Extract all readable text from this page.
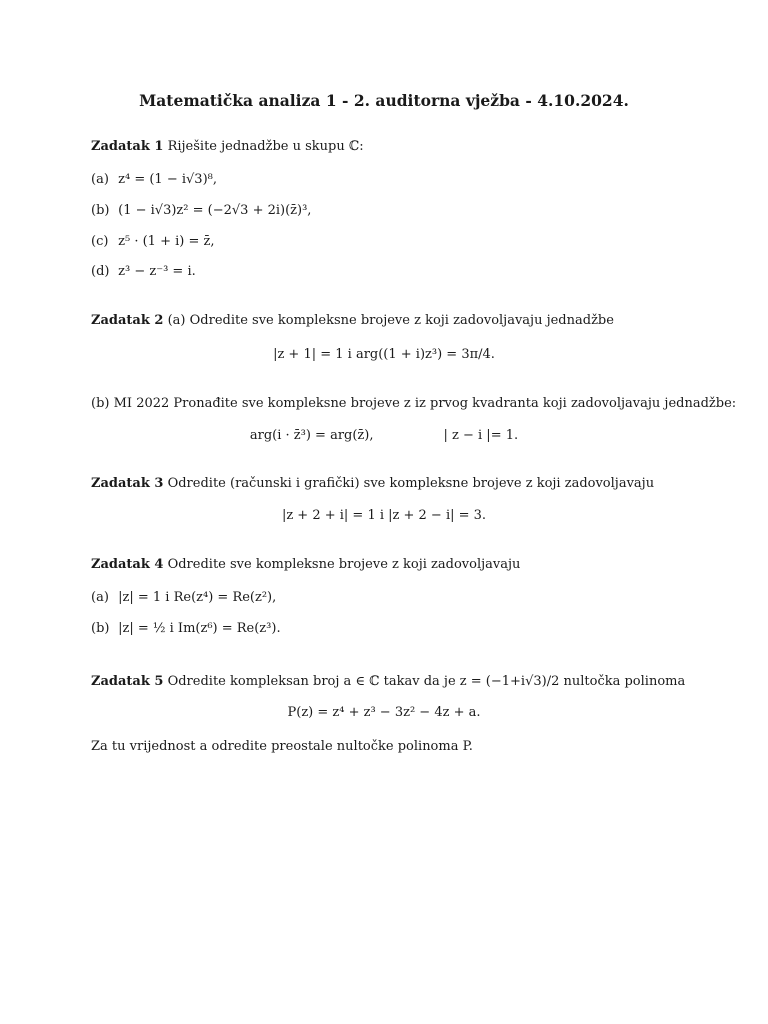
Matematička analiza 1 - 2. auditorna vježba - 4.10.2024.
Zadatak 1 Riješite jednadžbe u skupu ℂ:
(a) z⁴ = (1 − i√3)⁸,
(b) (1 − i√3)z² = (−2√3 + 2i)(z̄)³,
(c) z⁵ · (1 + i) = z̄,
(d) z³ − z⁻³ = i.
Zadatak 2 (a) Odredite sve kompleksne brojeve z koji zadovoljavaju jednadžbe
|z + 1| = 1 i arg((1 + i)z³) = 3π/4.
(b) MI 2022 Pronađite sve kompleksne brojeve z iz prvog kvadranta koji zadovoljavaju jednadžbe:
arg(i · z̄³) = arg(z̄),	| z − i |= 1.
Zadatak 3 Odredite (računski i grafički) sve kompleksne brojeve z koji zadovoljavaju
|z + 2 + i| = 1 i |z + 2 − i| = 3.
Zadatak 4 Odredite sve kompleksne brojeve z koji zadovoljavaju
(a) |z| = 1 i Re(z⁴) = Re(z²),
(b) |z| = ½ i Im(z⁶) = Re(z³).
Zadatak 5 Odredite kompleksan broj a ∈ ℂ takav da je z = (−1+i√3)/2 nultočka polinoma
P(z) = z⁴ + z³ − 3z² − 4z + a.
Za tu vrijednost a odredite preostale nultočke polinoma P.
